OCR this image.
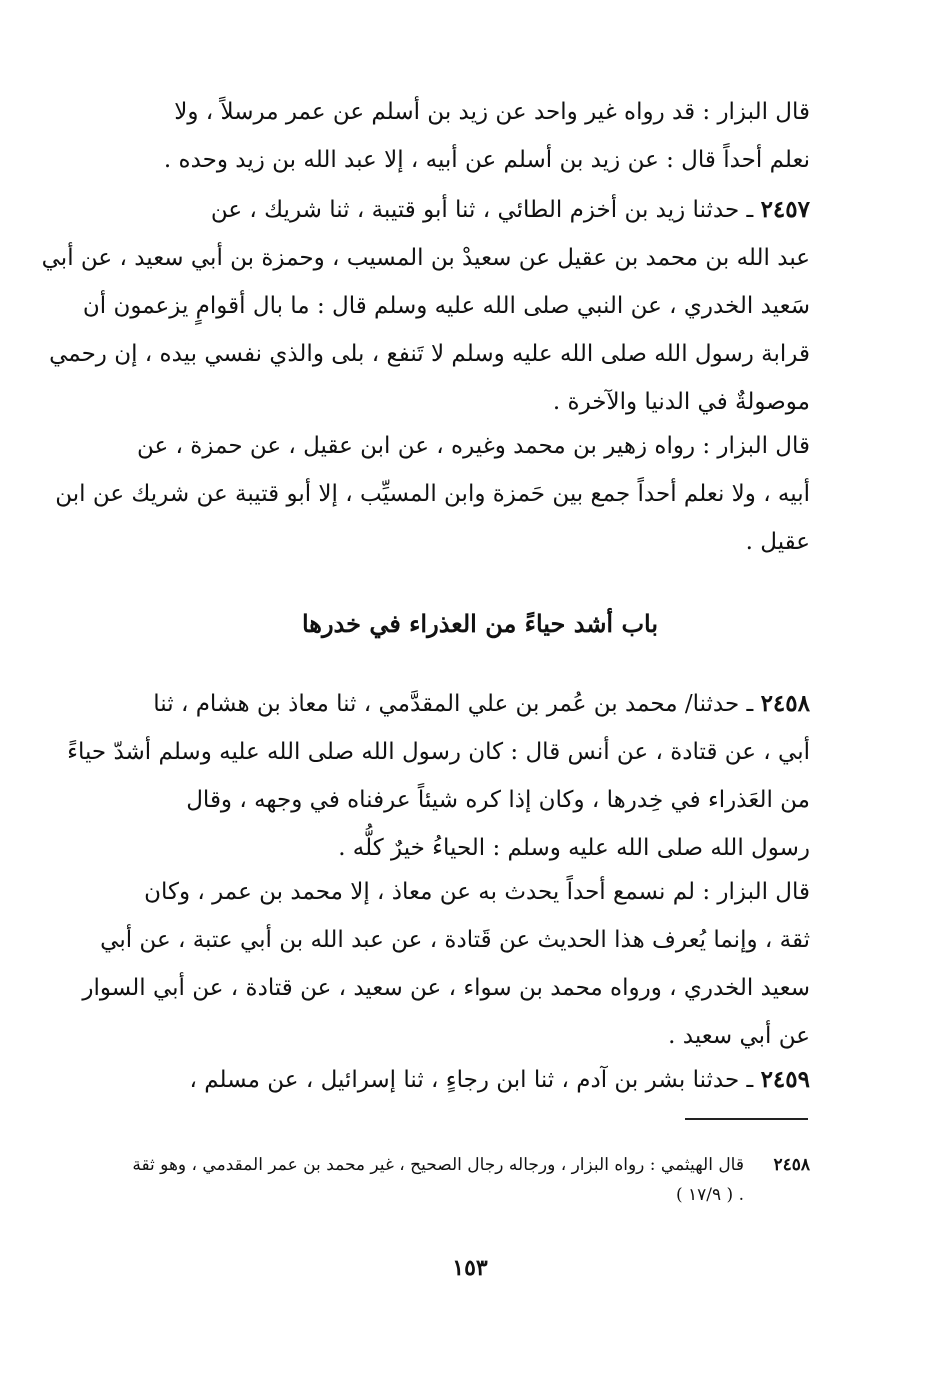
قال البزار : قد رواه غير واحد عن زيد بن أسلم عن عمر مرسلاً ، ولا
نعلم أحداً قال : عن زيد بن أسلم عن أبيه ، إلا عبد الله بن زيد وحده .
٢٤٥٧ ـ حدثنا زيد بن أخزم الطائي ، ثنا أبو قتيبة ، ثنا شريك ، عن
عبد الله بن محمد بن عقيل عن سعيدْ بن المسيب ، وحمزة بن أبي سعيد ، عن أبي
سَعيد الخدري ، عن النبي صلى الله عليه وسلم قال : ما بال أقوامٍ يزعمون أن
قرابة رسول الله صلى الله عليه وسلم لا تَنفع ، بلى والذي نفسي بيده ، إن رحمي
موصولةٌ في الدنيا والآخرة .
قال البزار : رواه زهير بن محمد وغيره ، عن ابن عقيل ، عن حمزة ، عن
أبيه ، ولا نعلم أحداً جمع بين حَمزة وابن المسيِّب ، إلا أبو قتيبة عن شريك عن ابن
عقيل .
باب أشد حياءً من العذراء في خدرها
٢٤٥٨ ـ حدثنا/ محمد بن عُمر بن علي المقدَّمي ، ثنا معاذ بن هشام ، ثنا
أبي ، عن قتادة ، عن أنس قال : كان رسول الله صلى الله عليه وسلم أشدّ حياءً
من العَذراء في خِدرها ، وكان إذا كره شيئاً عرفناه في وجهه ، وقال
رسول الله صلى الله عليه وسلم : الحياءُ خيرٌ كلُّه .
قال البزار : لم نسمع أحداً يحدث به عن معاذ ، إلا محمد بن عمر ، وكان
ثقة ، وإنما يُعرف هذا الحديث عن قَتادة ، عن عبد الله بن أبي عتبة ، عن أبي
سعيد الخدري ، ورواه محمد بن سواء ، عن سعيد ، عن قتادة ، عن أبي السوار
عن أبي سعيد .
٢٤٥٩ ـ حدثنا بشر بن آدم ، ثنا ابن رجاءٍ ، ثنا إسرائيل ، عن مسلم ،
٢٤٥٨قال الهيثمي : رواه البزار ، ورجاله رجال الصحيح ، غير محمد بن عمر المقدمي ، وهو ثقة
. ( ١٧/٩ )
١٥٣
